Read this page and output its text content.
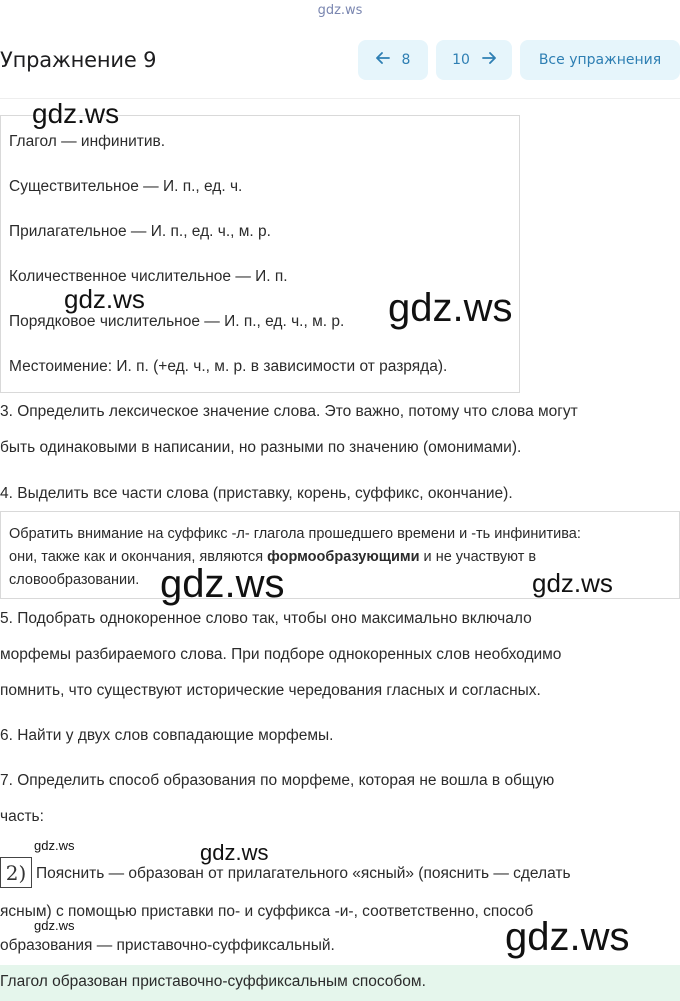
gdz.ws
Упражнение 9	8	10	Все упражнения
Глагол — инфинитив.
Существительное — И. п., ед. ч.
Прилагательное — И. п., ед. ч., м. р.
Количественное числительное — И. п.
Порядковое числительное — И. п., ед. ч., м. р.
Местоимение: И. п. (+ед. ч., м. р. в зависимости от разряда).
3. Определить лексическое значение слова. Это важно, потому что слова могут
быть одинаковыми в написании, но разными по значению (омонимами).
4. Выделить все части слова (приставку, корень, суффикс, окончание).
Обратить внимание на суффикс -л- глагола прошедшего времени и -ть инфинитива:
они, также как и окончания, являются формообразующими и не участвуют в
словообразовании.
5. Подобрать однокоренное слово так, чтобы оно максимально включало
морфемы разбираемого слова. При подборе однокоренных слов необходимо
помнить, что существуют исторические чередования гласных и согласных.
6. Найти у двух слов совпадающие морфемы.
7. Определить способ образования по морфеме, которая не вошла в общую
часть:
2) Пояснить — образован от прилагательного «ясный» (пояснить — сделать
ясным) с помощью приставки по- и суффикса -и-, соответственно, способ
образования — приставочно-суффиксальный.
Глагол образован приставочно-суффиксальным способом.
gdz.ws
gdz.ws	gdz.ws
gdz.ws	gdz.ws
gdz.ws	gdz.ws
gdz.ws	gdz.ws
